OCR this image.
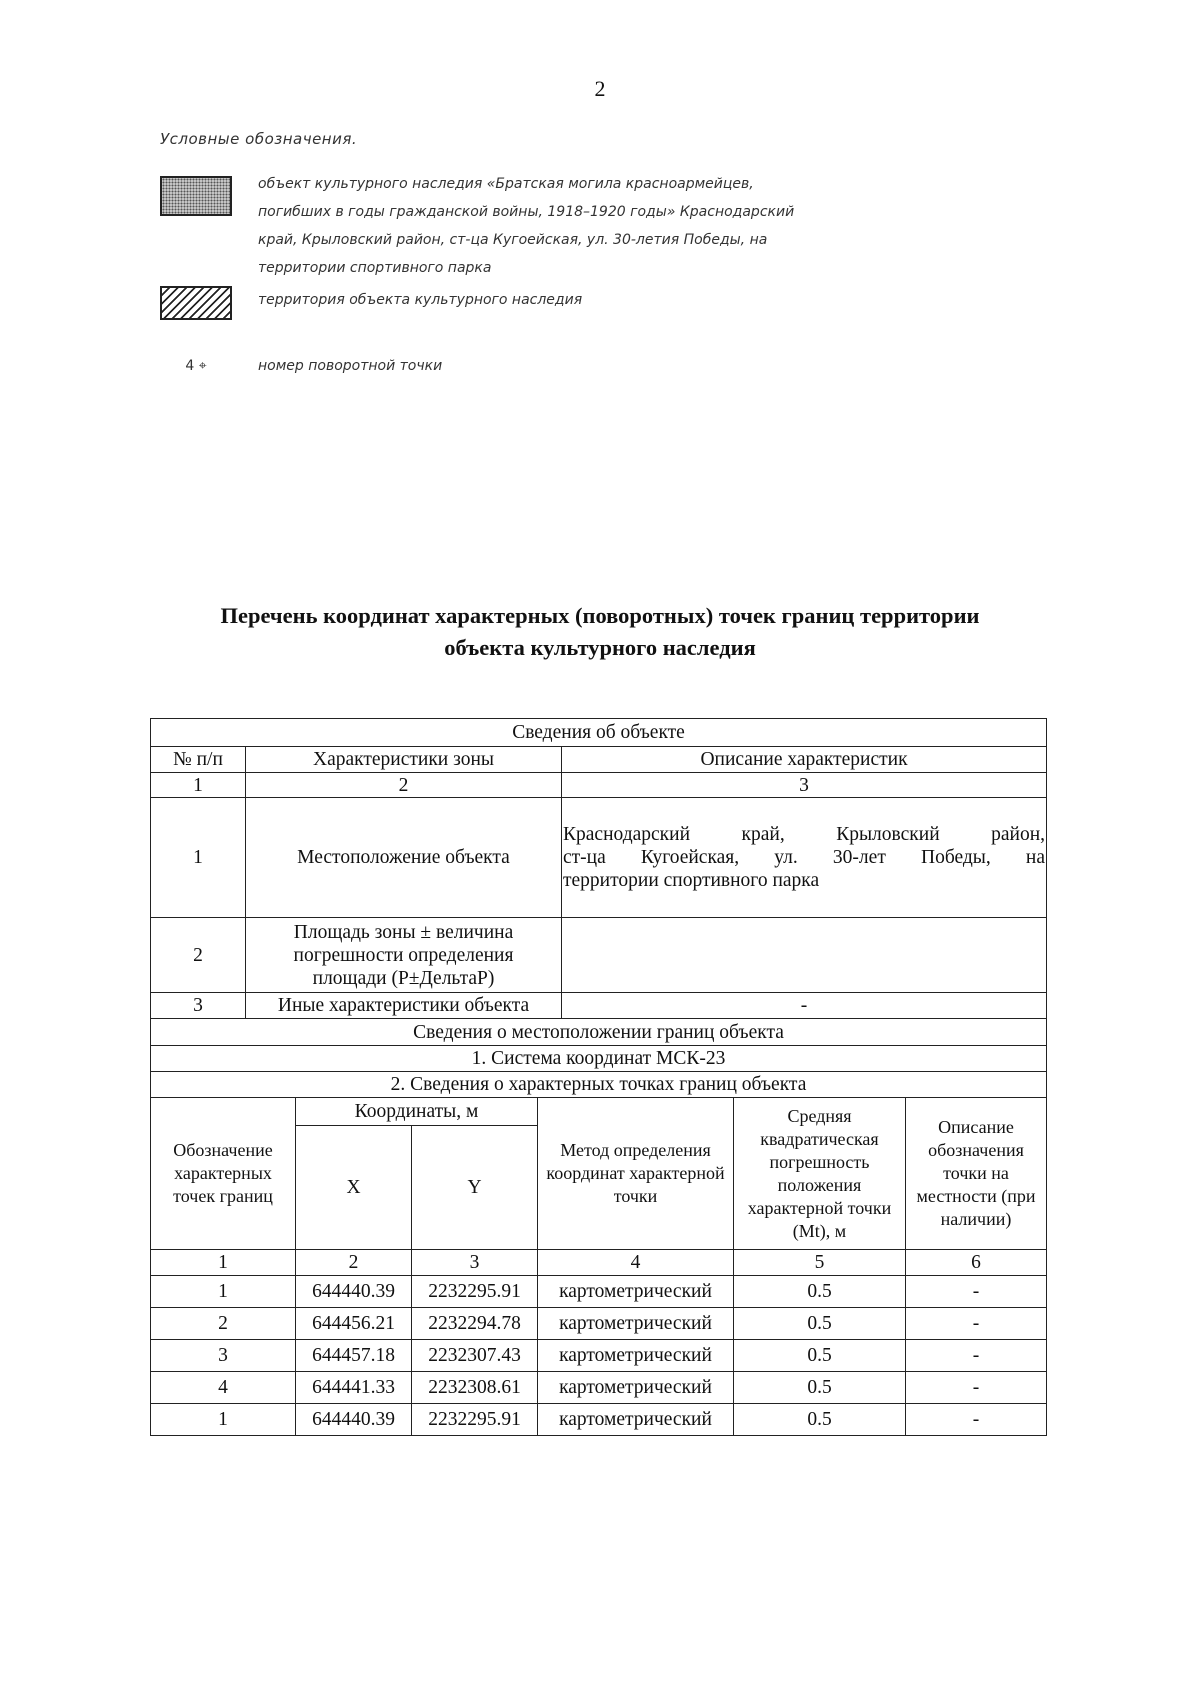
2
Условные обозначения.
объект культурного наследия «Братская могила красноармейцев, погибших в годы гражданской войны, 1918–1920 годы» Краснодарский край, Крыловский район, ст-ца Кугоейская, ул. 30-летия Победы, на территории спортивного парка
территория объекта культурного наследия
4 ⌖	номер поворотной точки
Перечень координат характерных (поворотных) точек границ территории
объекта культурного наследия
Сведения об объекте							
№ п/п	Характеристики зоны				Описание характеристик		
1	2				3		
1	Местоположение объекта				Краснодарский край, Крыловский район,
ст-ца Кугоейская, ул. 30-лет Победы, на
территории спортивного парка		

2	Площадь зоны ± величина погрешности определения площади (P±ДельтаP)						
3	Иные характеристики объекта				-		
Сведения о местоположении границ объекта							
1. Система координат МСК-23							
2. Сведения о характерных точках границ объекта							
Обозначение характерных точек границ		Координаты, м		Метод определения координат характерной точки		Средняя квадратическая погрешность положения характерной точки (Mt), м	Описание обозначения точки на местности (при наличии)
		X	Y				
1		2	3	4		5	6
1		644440.39	2232295.91	картометрический		0.5	-
2		644456.21	2232294.78	картометрический		0.5	-
3		644457.18	2232307.43	картометрический		0.5	-
4		644441.33	2232308.61	картометрический		0.5	-
1		644440.39	2232295.91	картометрический		0.5	-
